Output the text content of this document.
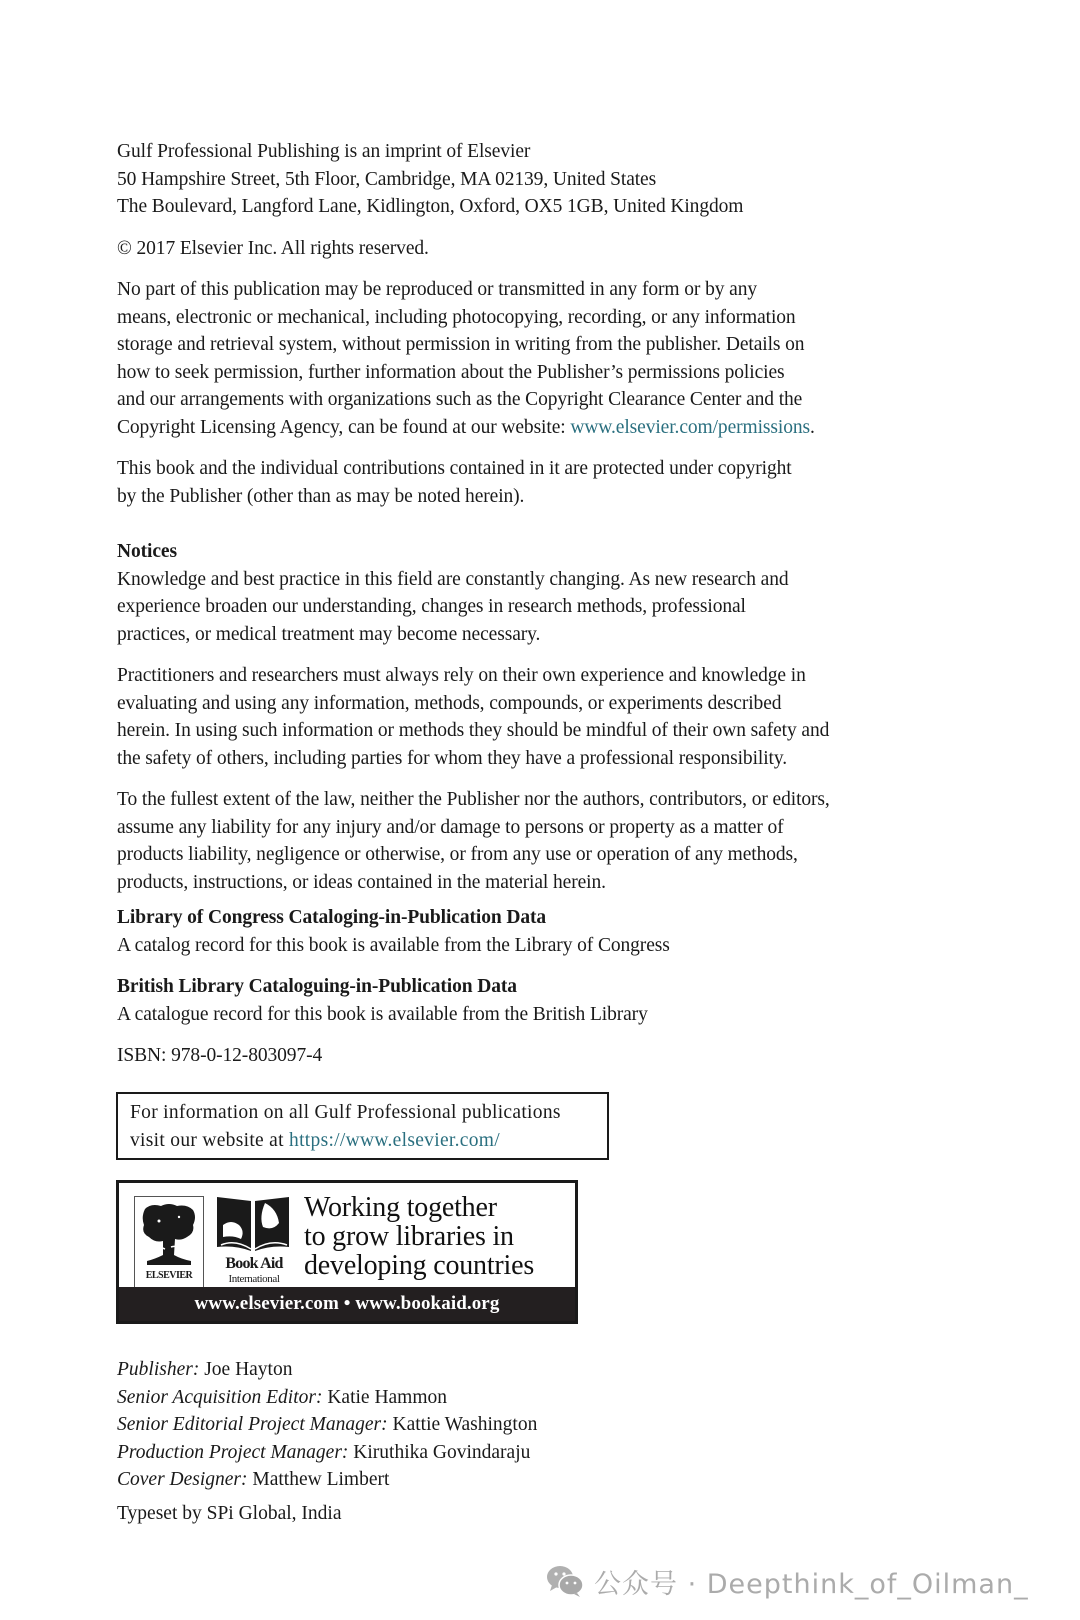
Gulf Professional Publishing is an imprint of Elsevier
50 Hampshire Street, 5th Floor, Cambridge, MA 02139, United States
The Boulevard, Langford Lane, Kidlington, Oxford, OX5 1GB, United Kingdom
© 2017 Elsevier Inc. All rights reserved.
No part of this publication may be reproduced or transmitted in any form or by any
means, electronic or mechanical, including photocopying, recording, or any information
storage and retrieval system, without permission in writing from the publisher. Details on
how to seek permission, further information about the Publisher’s permissions policies
and our arrangements with organizations such as the Copyright Clearance Center and the
Copyright Licensing Agency, can be found at our website: www.elsevier.com/permissions.
This book and the individual contributions contained in it are protected under copyright
by the Publisher (other than as may be noted herein).
Notices
Knowledge and best practice in this field are constantly changing. As new research and
experience broaden our understanding, changes in research methods, professional
practices, or medical treatment may become necessary.
Practitioners and researchers must always rely on their own experience and knowledge in
evaluating and using any information, methods, compounds, or experiments described
herein. In using such information or methods they should be mindful of their own safety and
the safety of others, including parties for whom they have a professional responsibility.
To the fullest extent of the law, neither the Publisher nor the authors, contributors, or editors,
assume any liability for any injury and/or damage to persons or property as a matter of
products liability, negligence or otherwise, or from any use or operation of any methods,
products, instructions, or ideas contained in the material herein.
Library of Congress Cataloging-in-Publication Data
A catalog record for this book is available from the Library of Congress
British Library Cataloguing-in-Publication Data
A catalogue record for this book is available from the British Library
ISBN: 978-0-12-803097-4
For information on all Gulf Professional publications
visit our website at https://www.elsevier.com/
ELSEVIER
Book Aid
International
Working together
to grow libraries in
developing countries
www.elsevier.com • www.bookaid.org
Publisher: Joe Hayton
Senior Acquisition Editor: Katie Hammon
Senior Editorial Project Manager: Kattie Washington
Production Project Manager: Kiruthika Govindaraju
Cover Designer: Matthew Limbert
Typeset by SPi Global, India
公众号 · Deepthink_of_Oilman_
